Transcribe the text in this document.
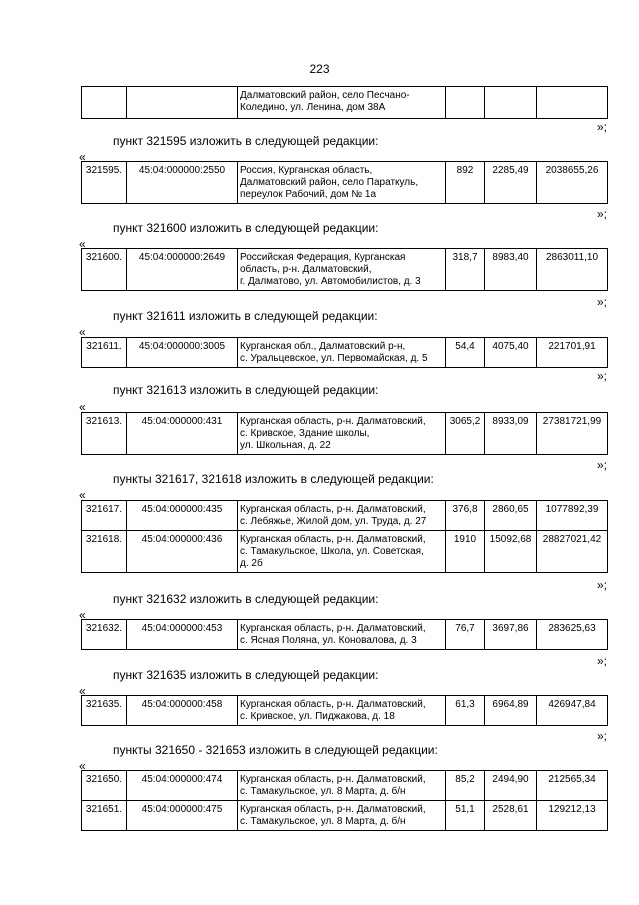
223

Далматовский район, село Песчано-
Коледино, ул. Ленина, дом 38А

»;
пункт 321595 изложить в следующей редакции:
«
321595.	45:04:000000:2550	Россия, Курганская область,
Далматовский район, село Параткуль,
переулок Рабочий, дом № 1а
	892	2285,49	2038655,26
»;
пункт 321600 изложить в следующей редакции:
«
321600.	45:04:000000:2649	Российская Федерация, Курганская
область, р-н. Далматовский,
г. Далматово, ул. Автомобилистов, д. 3
	318,7	8983,40	2863011,10
»;
пункт 321611 изложить в следующей редакции:
«
321611.	45:04:000000:3005	Курганская обл., Далматовский р-н,
с. Уральцевское, ул. Первомайская, д. 5
	54,4	4075,40	221701,91
»;
пункт 321613 изложить в следующей редакции:
«
321613.	45:04:000000:431	Курганская область, р-н. Далматовский,
с. Кривское, Здание школы,
ул. Школьная, д. 22
	3065,2	8933,09	27381721,99
»;
пункты 321617, 321618 изложить в следующей редакции:
«
321617.	45:04:000000:435	Курганская область, р-н. Далматовский,
с. Лебяжье, Жилой дом, ул. Труда, д. 27	376,8	2860,65	1077892,39
321618.	45:04:000000:436	Курганская область, р-н. Далматовский,
с. Тамакульское, Школа, ул. Советская,
д. 2б	1910	15092,68	28827021,42
»;
пункт 321632 изложить в следующей редакции:
«
321632.	45:04:000000:453	Курганская область, р-н. Далматовский,
с. Ясная Поляна, ул. Коновалова, д. 3
	76,7	3697,86	283625,63
»;
пункт 321635 изложить в следующей редакции:
«
321635.	45:04:000000:458	Курганская область, р-н. Далматовский,
с. Кривское, ул. Пиджакова, д. 18
	61,3	6964,89	426947,84
»;
пункты 321650 - 321653 изложить в следующей редакции:
«
321650.	45:04:000000:474	Курганская область, р-н. Далматовский,
с. Тамакульское, ул. 8 Марта, д. б/н	85,2	2494,90	212565,34
321651.	45:04:000000:475	Курганская область, р-н. Далматовский,
с. Тамакульское, ул. 8 Марта, д. б/н	51,1	2528,61	129212,13
